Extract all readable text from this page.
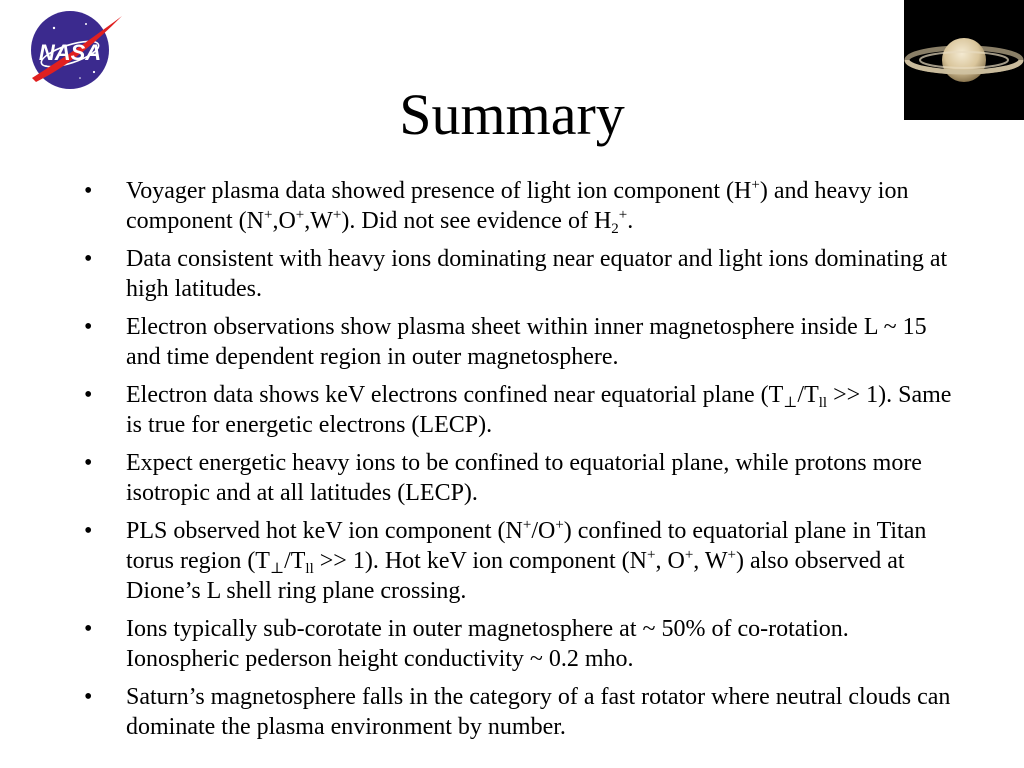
NASA
Summary
•	Voyager plasma data showed presence of light ion component (H+) and heavy ion component (N+,O+,W+). Did not see evidence of $H_2^+$.
•	Data consistent with heavy ions dominating near equator and light ions dominating at high latitudes.
•	Electron observations show plasma sheet within inner magnetosphere inside L ~ 15 and time dependent region in outer magnetosphere.
•	Electron data shows keV electrons confined near equatorial plane $(T_\perp/T_{ll} >> 1)$. Same is true for energetic electrons (LECP).
•	Expect energetic heavy ions to be confined to equatorial plane, while protons more isotropic and at all latitudes (LECP).
•	PLS observed hot keV ion component (N+/O+) confined to equatorial plane in Titan torus region $(T_\perp/T_{ll} >> 1)$. Hot keV ion component (N+, O+, W+) also observed at Dione’s L shell ring plane crossing.
•	Ions typically sub-corotate in outer magnetosphere at ~ 50% of co-rotation. Ionospheric pederson height conductivity ~ 0.2 mho.
•	Saturn’s magnetosphere falls in the category of a fast rotator where neutral clouds can dominate the plasma environment by number.
